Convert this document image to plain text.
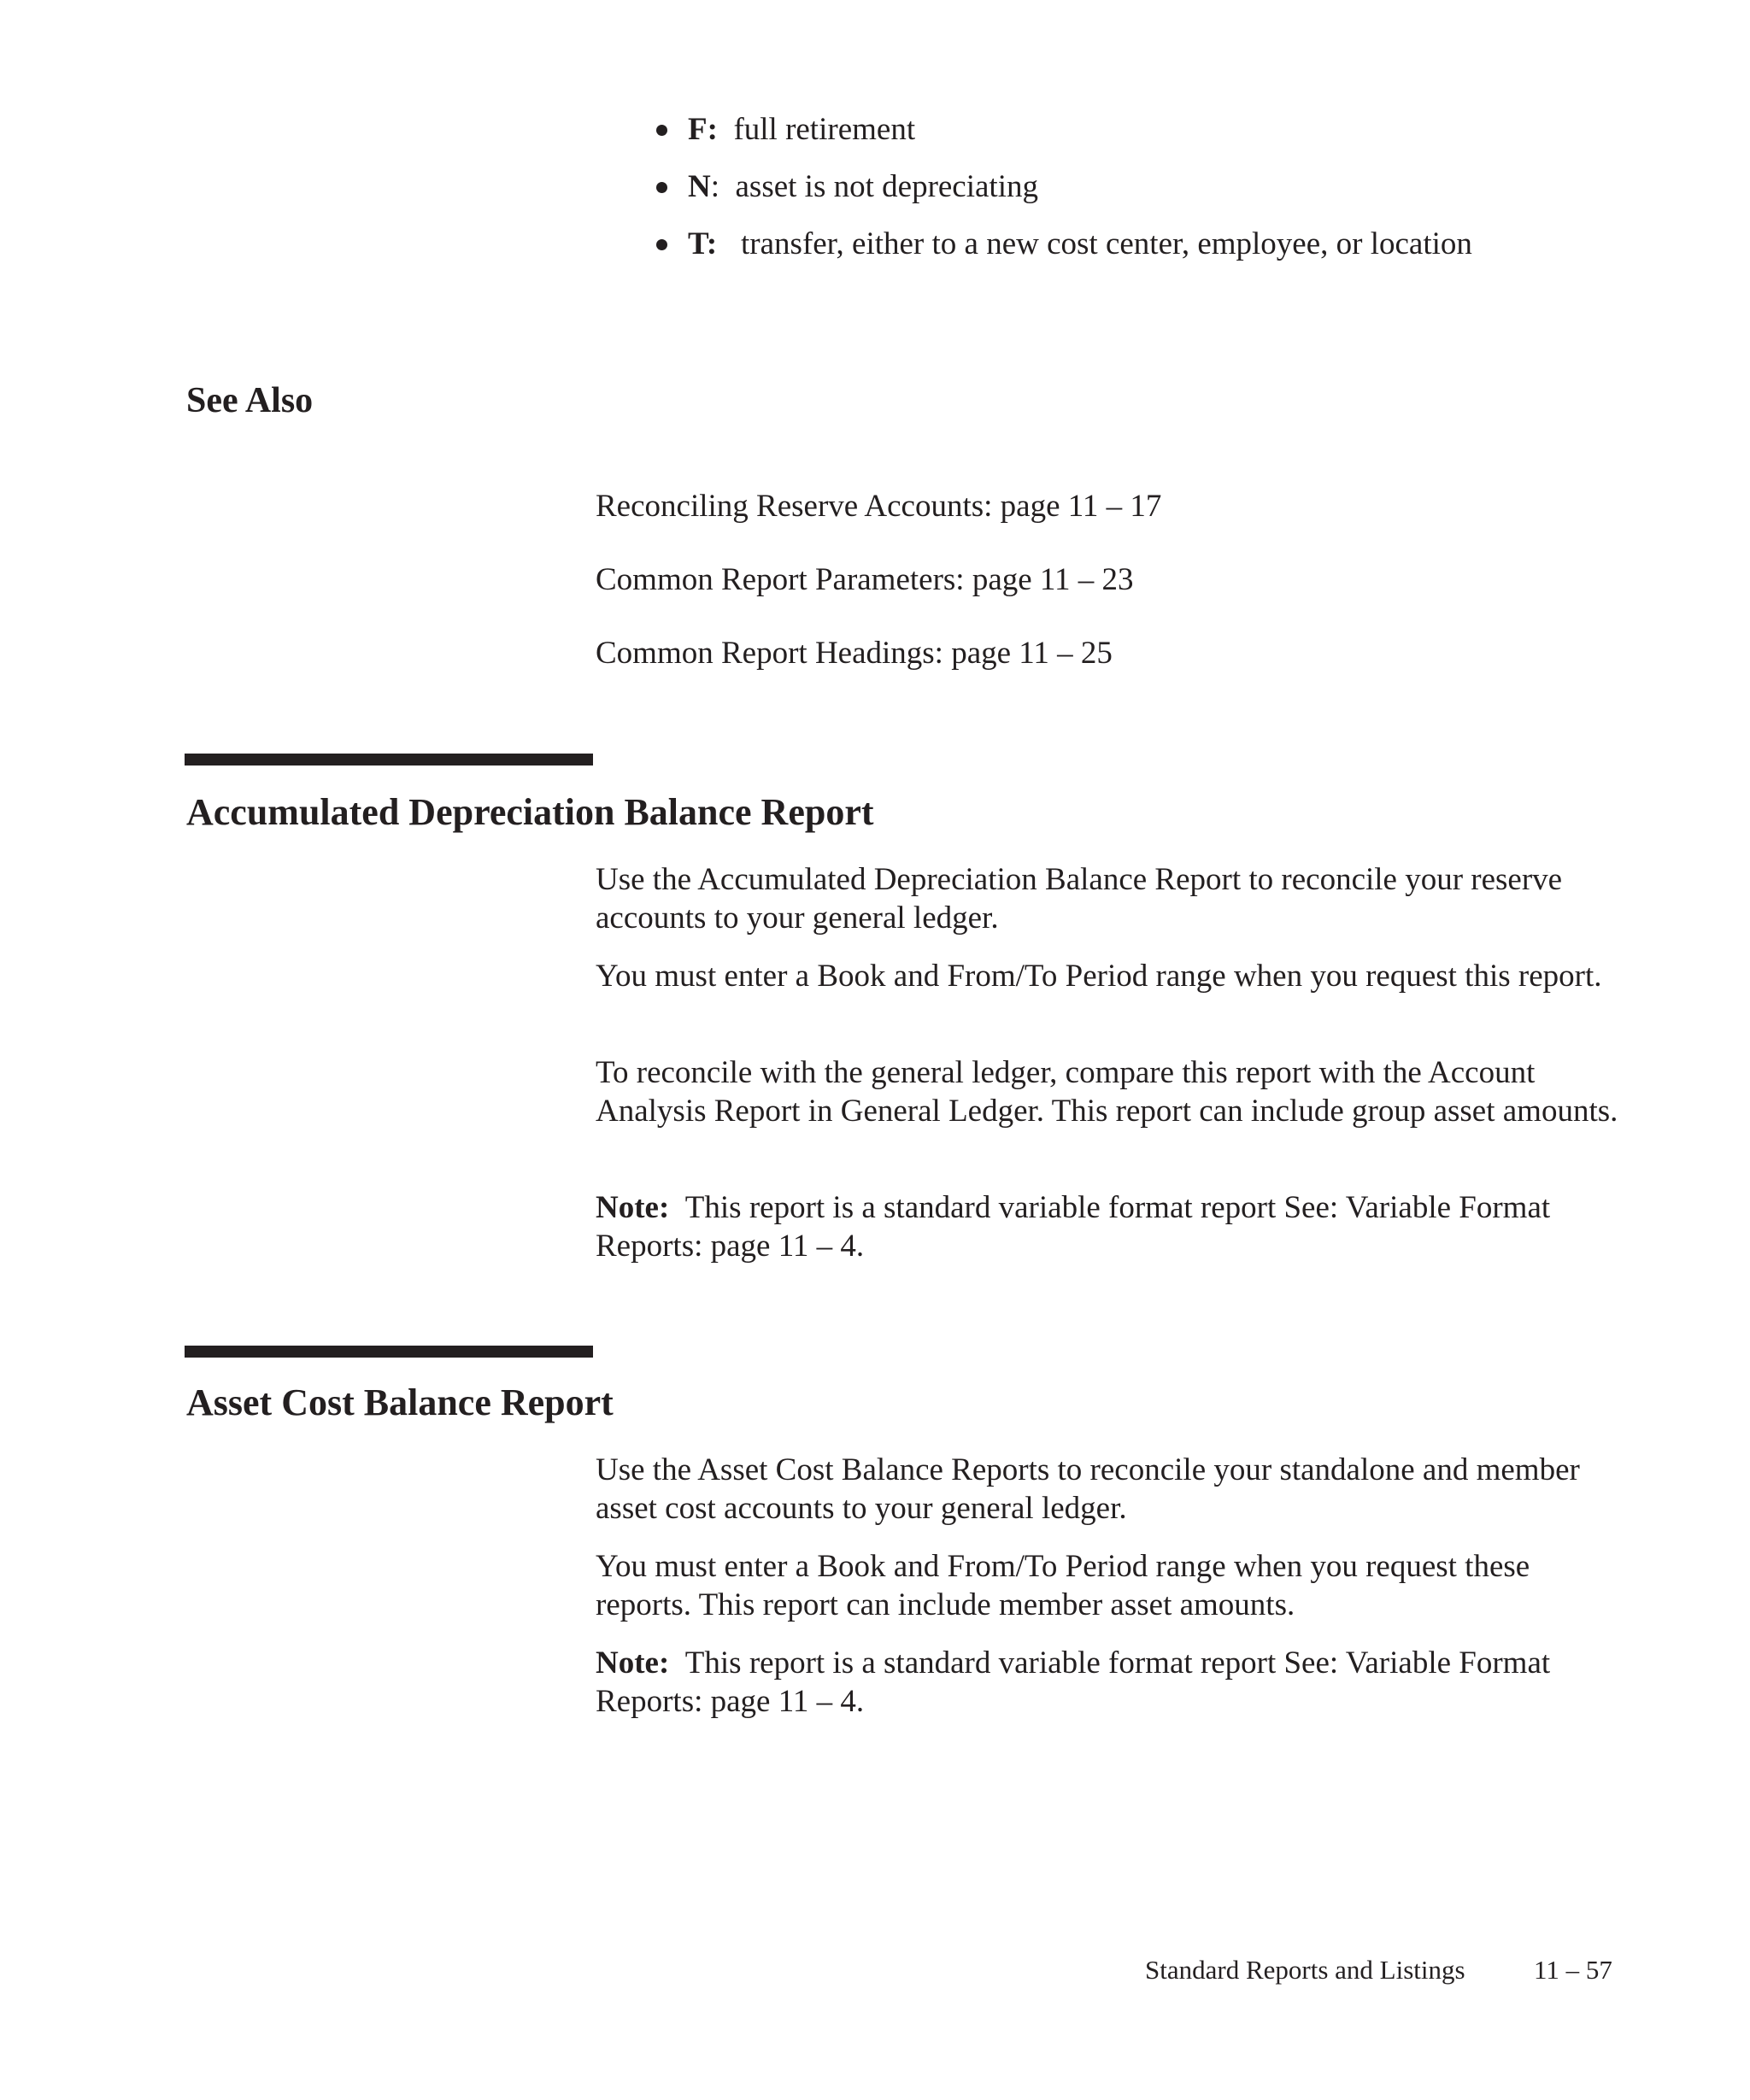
F: full retirement
N:  asset is not depreciating
T: transfer, either to a new cost center, employee, or location
See Also
Reconciling Reserve Accounts: page 11 – 17
Common Report Parameters: page 11 – 23
Common Report Headings: page 11 – 25
Accumulated Depreciation Balance Report
Use the Accumulated Depreciation Balance Report to reconcile your reserve accounts to your general ledger.
You must enter a Book and From/To Period range when you request this report.
To reconcile with the general ledger, compare this report with the Account Analysis Report in General Ledger. This report can include group asset amounts.
Note: This report is a standard variable format report See: Variable Format Reports: page 11 – 4.
Asset Cost Balance Report
Use the Asset Cost Balance Reports to reconcile your standalone and member asset cost accounts to your general ledger.
You must enter a Book and From/To Period range when you request these reports. This report can include member asset amounts.
Note: This report is a standard variable format report See: Variable Format Reports: page 11 – 4.
Standard Reports and Listings	11 – 57
